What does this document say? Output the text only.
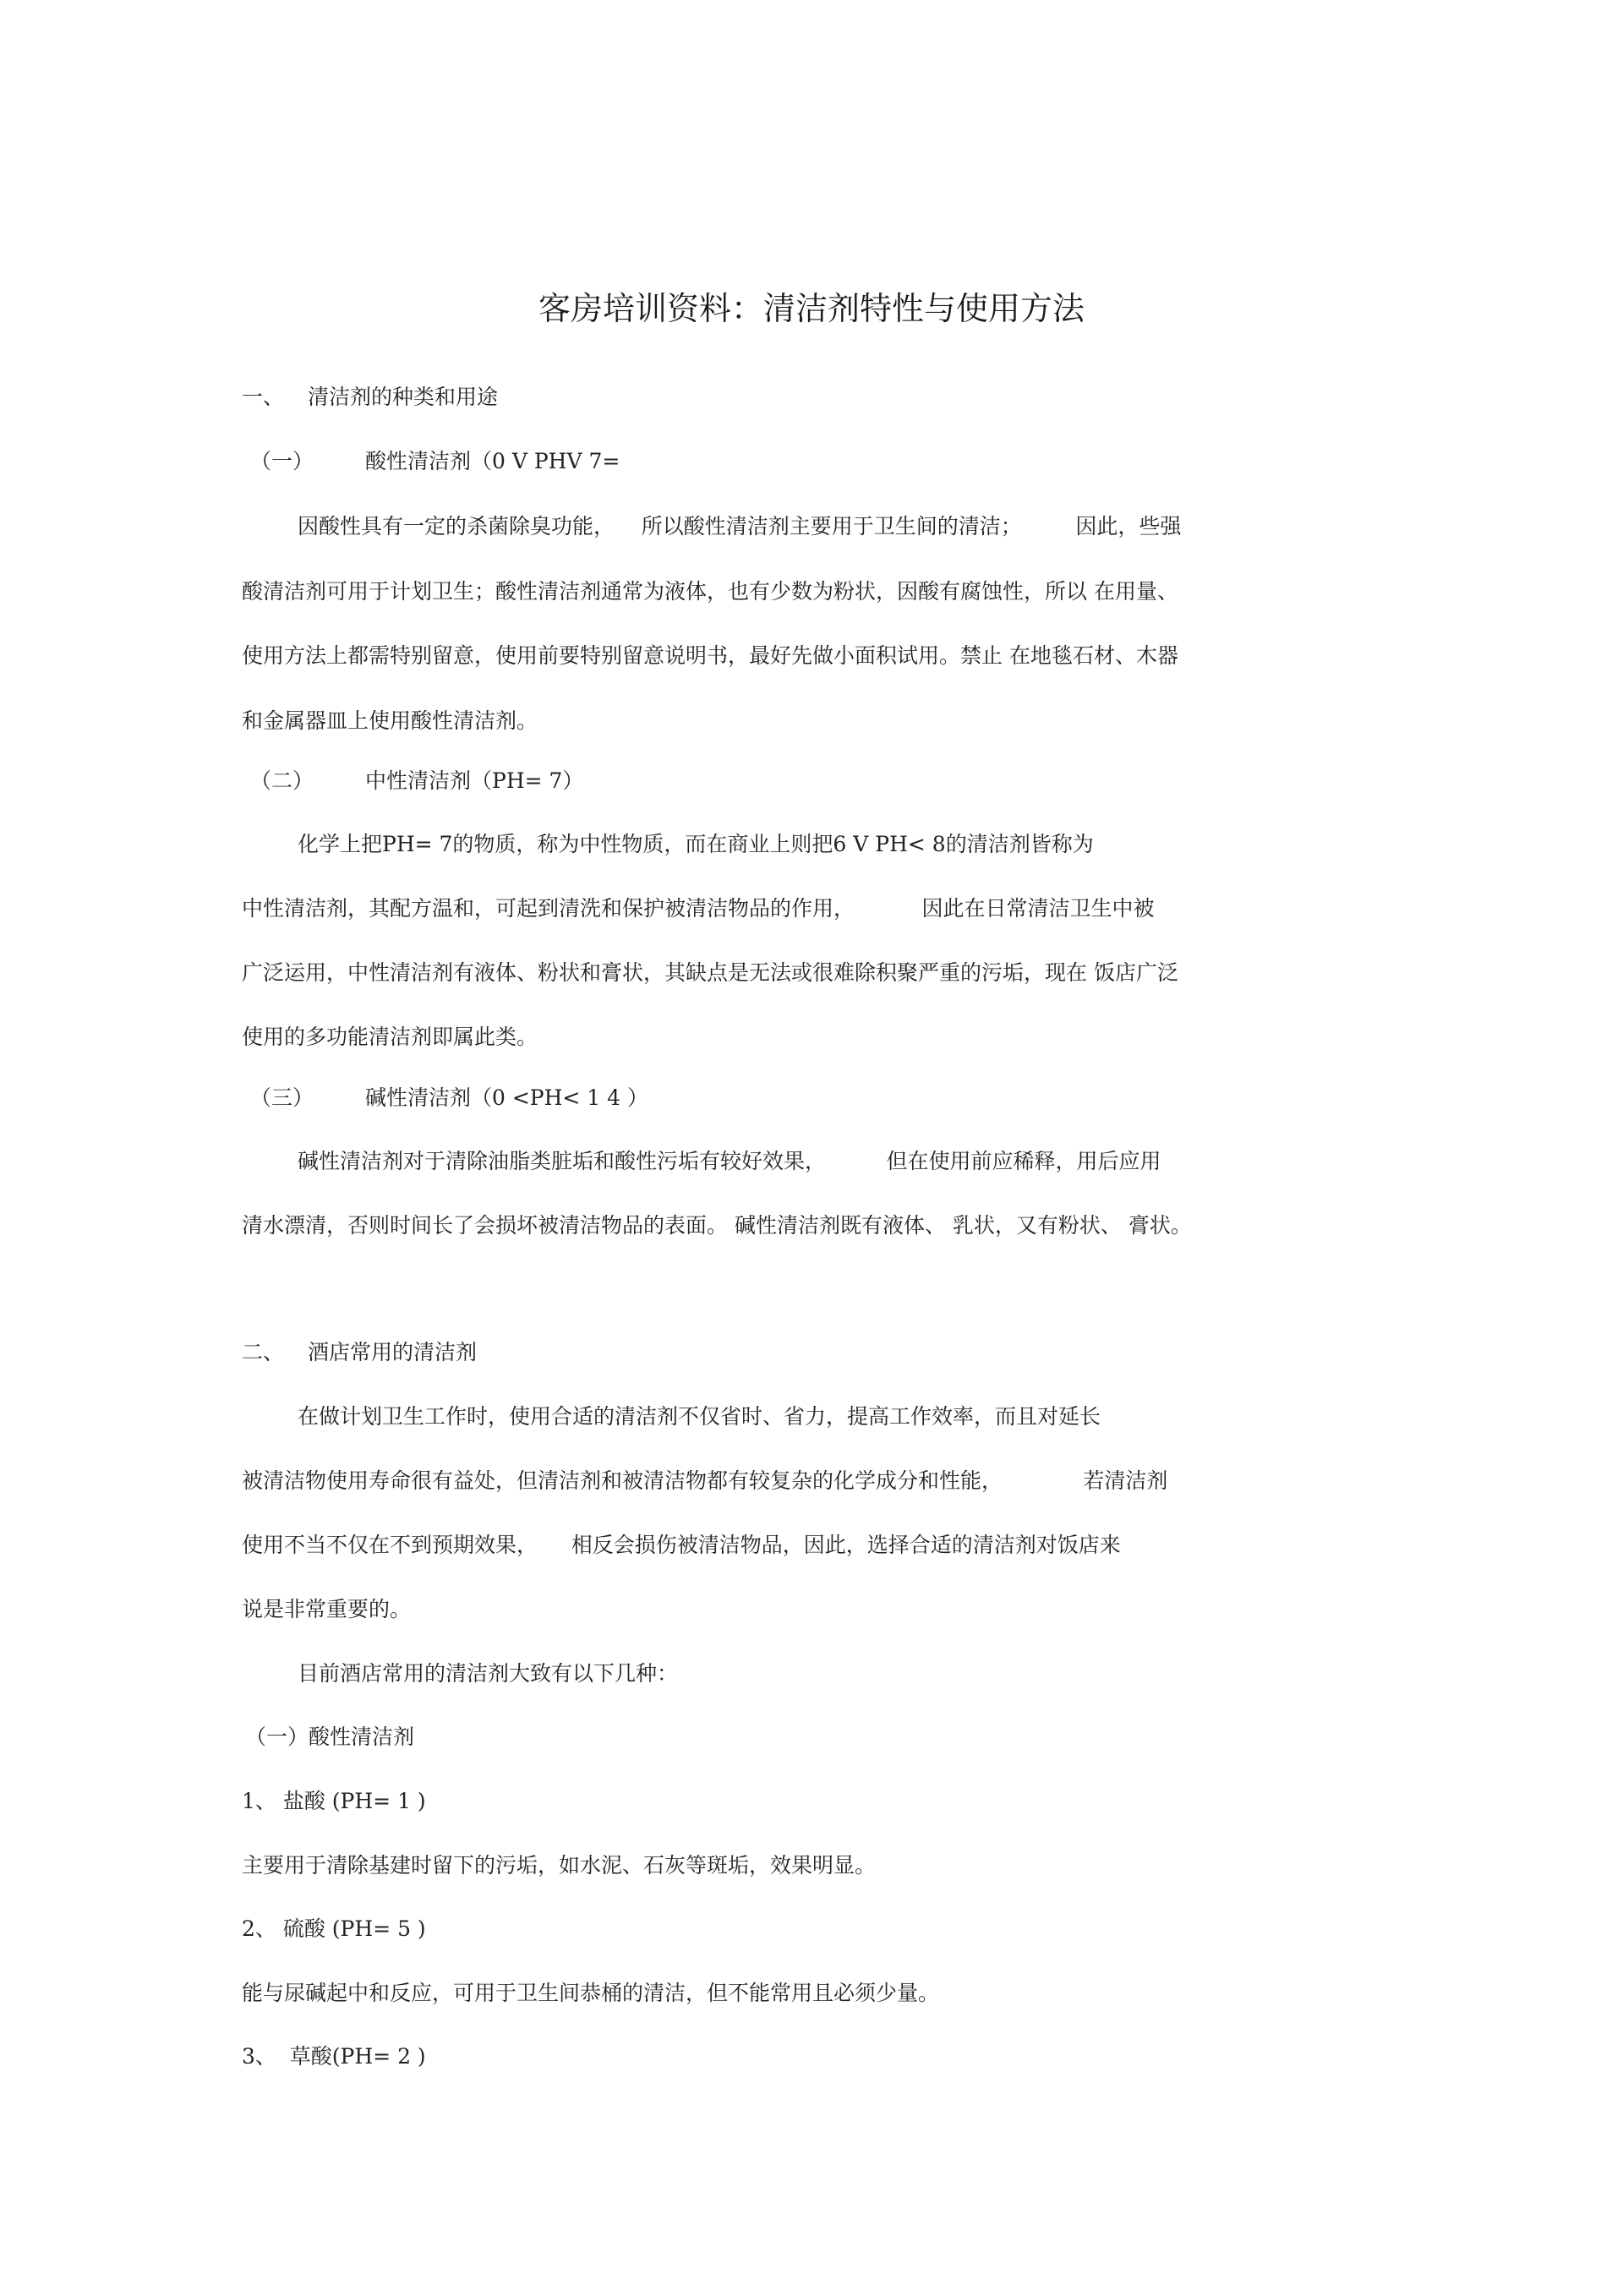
客房培训资料：清洁剂特性与使用方法
一、 清洁剂的种类和用途
（一） 酸性清洁剂（0 V PHV 7=
因酸性具有一定的杀菌除臭功能，    所以酸性清洁剂主要用于卫生间的清洁；        因此，些强
酸清洁剂可用于计划卫生；酸性清洁剂通常为液体，也有少数为粉状，因酸有腐蚀性，所以 在用量、
使用方法上都需特别留意，使用前要特别留意说明书，最好先做小面积试用。禁止 在地毯石材、木器
和金属器皿上使用酸性清洁剂。
（二） 中性清洁剂（PH= 7）
化学上把PH= 7的物质，称为中性物质，而在商业上则把6 V PH< 8的清洁剂皆称为
中性清洁剂，其配方温和，可起到清洗和保护被清洁物品的作用，          因此在日常清洁卫生中被
广泛运用，中性清洁剂有液体、粉状和膏状，其缺点是无法或很难除积聚严重的污垢，现在 饭店广泛
使用的多功能清洁剂即属此类。
（三） 碱性清洁剂（0 <PH< 1 4 ）
碱性清洁剂对于清除油脂类脏垢和酸性污垢有较好效果，         但在使用前应稀释，用后应用
清水漂清，否则时间长了会损坏被清洁物品的表面。 碱性清洁剂既有液体、 乳状，又有粉状、 膏状。
二、 酒店常用的清洁剂
在做计划卫生工作时，使用合适的清洁剂不仅省时、省力，提高工作效率，而且对延长
被清洁物使用寿命很有益处，但清洁剂和被清洁物都有较复杂的化学成分和性能，            若清洁剂
使用不当不仅在不到预期效果，     相反会损伤被清洁物品，因此，选择合适的清洁剂对饭店来
说是非常重要的。
目前酒店常用的清洁剂大致有以下几种：
（一）酸性清洁剂
1、 盐酸 (PH= 1 )
主要用于清除基建时留下的污垢，如水泥、石灰等斑垢，效果明显。
2、 硫酸 (PH= 5 )
能与尿碱起中和反应，可用于卫生间恭桶的清洁，但不能常用且必须少量。
3、  草酸(PH= 2 )
